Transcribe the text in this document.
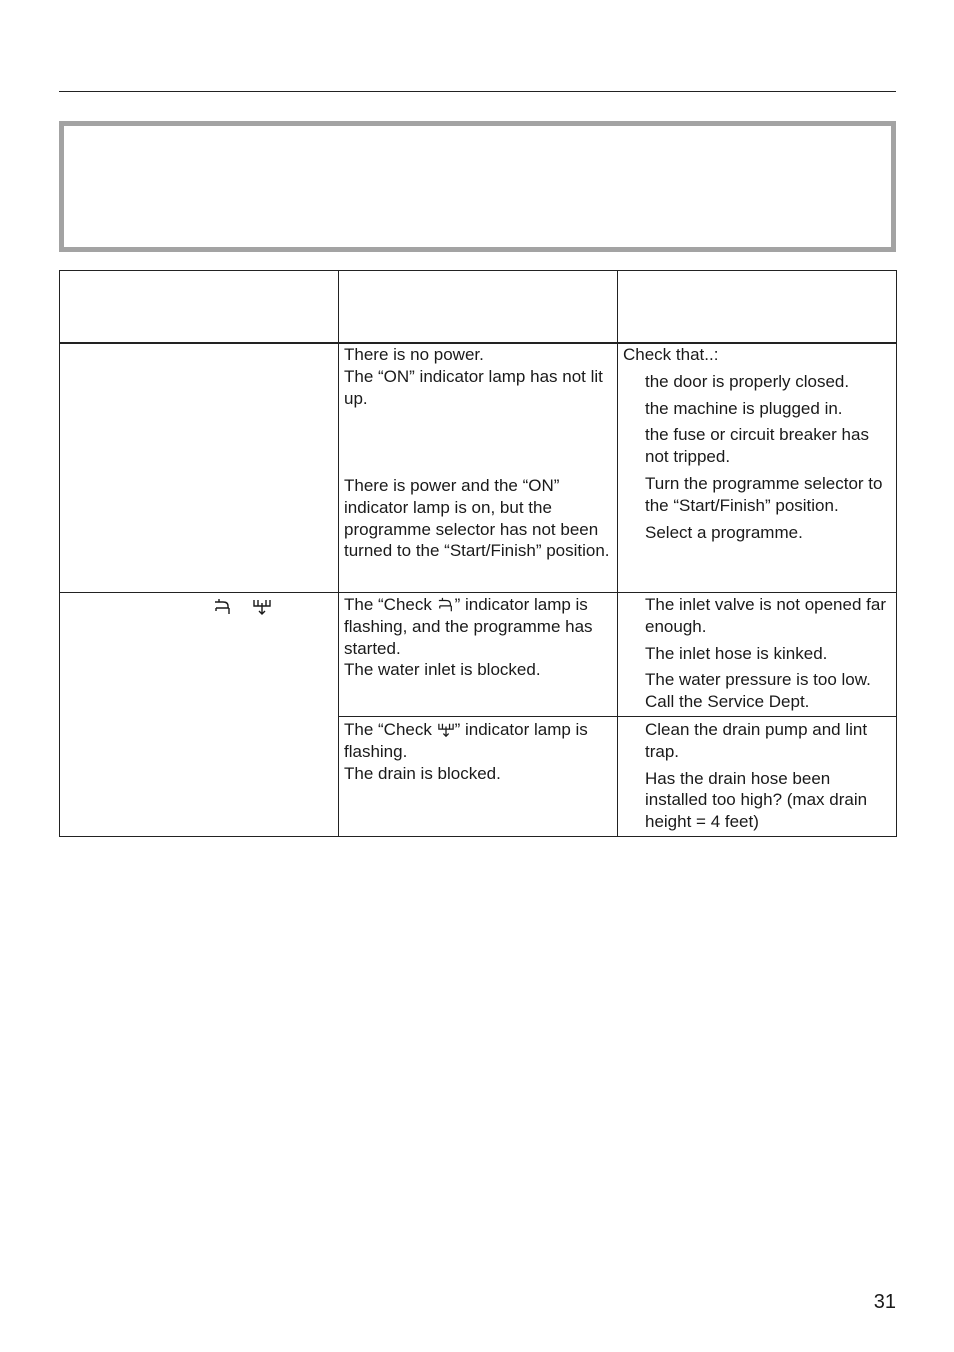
There is no power.
The “ON” indicator lamp has not lit up.
There is power and the “ON” indicator lamp is on, but the programme selector has not been turned to the “Start/Finish” position.
Check that..:
the door is properly closed.
the machine is plugged in.
the fuse or circuit breaker has not tripped.
Turn the programme selector to the “Start/Finish” position.
Select a programme.

The “Check ” indicator lamp is flashing, and the programme has started.
The water inlet is blocked.
The inlet valve is not opened far enough.
The inlet hose is kinked.
The water pressure is too low. Call the Service Dept.
The “Check ” indicator lamp is flashing.
The drain is blocked.
Clean the drain pump and lint trap.
Has the drain hose been installed too high? (max drain height = 4 feet)
31
